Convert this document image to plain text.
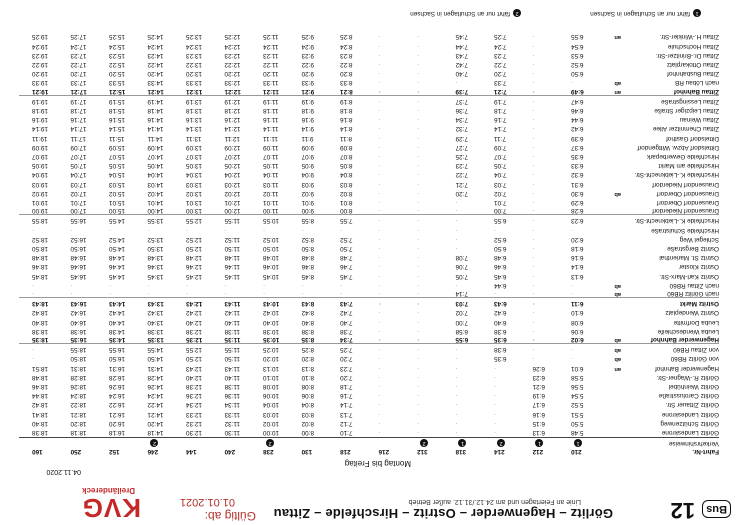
Bus
12
Görlitz – Hagenwerder – Ostritz – Hirschfelde – Zittau
Linie an Feiertagen und am 24.12./31.12. außer Betrieb
Gültig ab:
01.01.2021
KVG
Dreiländereck
04.11.2020
Montag bis Freitag
Fahrt-Nr.
210
212
214
318
312
216
218
130
238
240
144
246
152
250
160
Verkehrshinweise
1
1
2
1
2
2
2
Görlitz Landeskrone
5:48
6:13
·
·
·
·
7:10
8:00
10:00
11:30
12:30
14:18
16:18
18:18
18:38
Görlitz Schützenweg
5:50
6:15
·
·
·
·
7:12
8:02
10:02
11:32
12:32
14:20
16:20
18:20
18:40
Görlitz Landeskrone
5:51
6:16
·
·
·
·
7:13
8:03
10:03
11:33
12:33
14:21
16:21
18:21
18:41
Görlitz Zittauer Str.
5:52
6:17
·
·
·
·
7:14
8:04
10:04
11:34
12:34
14:22
16:22
18:22
18:42
Görlitz Carolusstraße
5:54
6:19
·
·
·
·
7:16
8:06
10:06
11:36
12:36
14:24
16:24
18:24
18:44
Görlitz Weinhübel
5:56
6:21
·
·
·
·
7:18
8:08
10:08
11:38
12:38
14:26
16:26
18:26
18:46
Görlitz R.-Wagner-Str.
5:58
6:23
·
·
·
·
7:20
8:10
10:10
11:40
12:40
14:28
16:28
18:28
18:48
Hagenwerder Bahnhof
an
6:01
6:26
·
·
·
·
7:23
8:13
10:13
11:43
12:43
14:31
16:31
18:31
18:51
von Görlitz RB60
ab
·
·
6:35
·
·
·
7:20
8:20
10:20
11:50
12:50
14:50
16:50
18:50
·
von Zittau RB60
ab
·
·
6:38
·
·
·
7:25
8:25
10:25
11:55
12:55
14:55
16:55
18:55
·
Hagenwerder Bahnhof
ab
6:02
·
6:35
6:55
·
·
7:34
8:35
10:35
11:35
12:35
13:35
14:35
16:35
18:35
Leuba Wendeschleife
6:06
·
6:38
6:58
·
·
7:38
8:38
10:38
11:38
12:38
13:38
14:38
16:38
18:38
Leuba Dorfmitte
6:08
·
6:40
7:00
·
·
7:40
8:40
10:40
11:40
12:40
13:40
14:40
16:40
18:40
Ostritz Wendeplatz
6:10
·
6:42
7:02
·
·
7:42
8:42
10:42
11:42
12:42
13:42
14:42
16:42
18:42
Ostritz Markt
6:11
·
6:43
7:03
·
·
7:43
8:43
10:43
11:43
12:43
13:43
14:43
16:43
18:43
nach Görlitz RB60
ab
·
·
·
7:14
·
·
·
·
·
·
·
·
·
·
·
nach Zittau RB60
ab
·
·
6:44
·
·
·
·
·
·
·
·
·
·
·
·
Ostritz Karl-Marx-Str.
6:13
·
6:45
7:05
·
·
7:45
8:45
10:45
11:45
12:45
13:45
14:45
16:45
18:45
Ostritz Kloster
6:14
·
6:46
7:06
·
·
7:46
8:46
10:46
11:46
12:46
13:46
14:46
16:46
18:46
Ostritz St. Marienthal
6:16
·
6:48
7:08
·
·
7:48
8:48
10:48
11:48
12:48
13:48
14:48
16:48
18:48
Ostritz Bergstraße
6:18
·
6:50
·
·
·
7:50
8:50
10:50
11:50
12:50
13:50
14:50
16:50
18:50
Schlegel Weg
6:20
·
6:52
·
·
·
7:52
8:52
10:52
11:52
12:52
13:52
14:52
16:52
18:52
Hirschfelde Schulstraße
·
·
·
·
·
·
·
·
·
·
·
·
·
·
·
Hirschfelde K.-Liebknecht-Str.
6:23
·
6:55
·
·
·
7:55
8:55
10:55
11:55
12:55
13:55
14:55
16:55
18:55
Drausendorf Niederdorf
6:28
·
7:00
·
·
·
8:00
9:00
11:00
12:00
13:00
14:00
15:00
17:00
19:00
Drausendorf Oberdorf
6:29
·
7:01
·
·
·
8:01
9:01
11:01
12:01
13:01
14:01
15:01
17:01
19:01
Drausendorf Oberdorf
ab
6:30
·
7:02
7:20
·
·
8:02
9:02
11:02
12:02
13:02
14:02
15:02
17:02
19:02
Drausendorf Niederdorf
6:31
·
7:03
7:21
·
·
8:03
9:03
11:03
12:03
13:03
14:03
15:03
17:03
19:03
Hirschfelde K.-Liebknecht-Str.
6:32
·
7:04
7:22
·
·
8:04
9:04
11:04
12:04
13:04
14:04
15:04
17:04
19:04
Hirschfelde am Markt
6:33
·
7:05
7:23
·
·
8:05
9:05
11:05
12:05
13:05
14:05
15:05
17:05
19:05
Hirschfelde Gewerbepark
6:35
·
7:07
7:25
·
·
8:07
9:07
11:07
12:07
13:07
14:07
15:07
17:07
19:07
Dittelsdorf Abzw. Wittgendorf
6:37
·
7:09
7:27
·
·
8:09
9:09
11:09
12:09
13:09
14:09
15:09
17:09
19:09
Dittelsdorf Gasthof
6:39
·
7:11
7:29
·
·
8:11
9:11
11:11
12:11
13:11
14:11
15:11
17:11
19:11
Zittau Chemnitzer Allee
6:42
·
7:14
7:32
·
·
8:14
9:14
11:14
12:14
13:14
14:14
15:14
17:14
19:14
Zittau Weinau
6:44
·
7:16
7:34
·
·
8:16
9:16
11:16
12:16
13:16
14:16
15:16
17:16
19:16
Zittau Leipziger Straße
6:46
·
7:18
7:36
·
·
8:18
9:18
11:18
12:18
13:18
14:18
15:18
17:18
19:18
Zittau Lessingstraße
6:47
·
7:19
7:37
·
·
8:19
9:19
11:19
12:19
13:19
14:19
15:19
17:19
19:19
Zittau Bahnhof
an
6:49
·
7:21
7:39
·
·
8:21
9:21
11:21
12:21
13:21
14:21
15:21
17:21
19:21
nach Löbau RB
ab
·
·
7:33
·
·
·
8:33
9:33
11:33
12:33
13:33
14:33
15:33
17:33
19:33
Zittau Busbahnhof
6:50
·
7:20
7:40
·
·
8:20
9:20
11:20
12:20
13:20
14:20
15:20
17:20
19:20
Zittau Ottokarplatz
6:52
·
7:22
7:42
·
·
8:22
9:22
11:22
12:22
13:22
14:22
15:22
17:22
19:22
Zittau Dr.-Brinitzer-Str.
6:53
·
7:23
7:43
·
·
8:23
9:23
11:23
12:23
13:23
14:23
15:23
17:23
19:23
Zittau Hochschule
6:54
·
7:24
7:44
·
·
8:24
9:24
11:24
12:24
13:24
14:24
15:24
17:24
19:24
Zittau H.-Winkler-Str.
an
6:55
·
7:25
7:45
·
·
8:25
9:25
11:25
12:25
13:25
14:25
15:25
17:25
19:25
1fährt nur an Schultagen in Sachsen
2fährt nur an Schultagen in Sachsen
